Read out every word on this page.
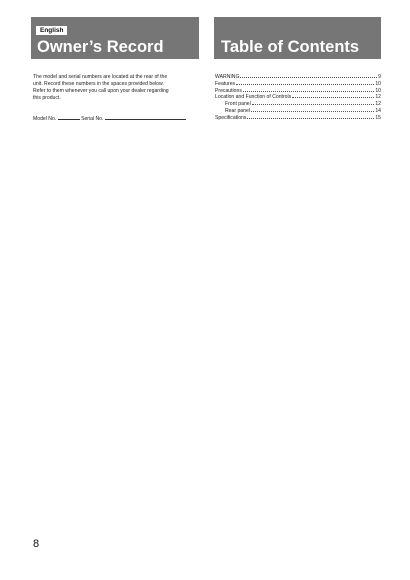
English
Owner’s Record	Table of Contents

The model and serial numbers are located at the rear of the

unit. Record these numbers in the spaces provided below.

Refer to them whenever you call upon your dealer regarding

this product.

Model No.	Serial No.
WARNING	9
Features	10
Precautions	10
Location and Function of Controls	12
Front panel	12
Rear panel	14
Specifications	15
8
